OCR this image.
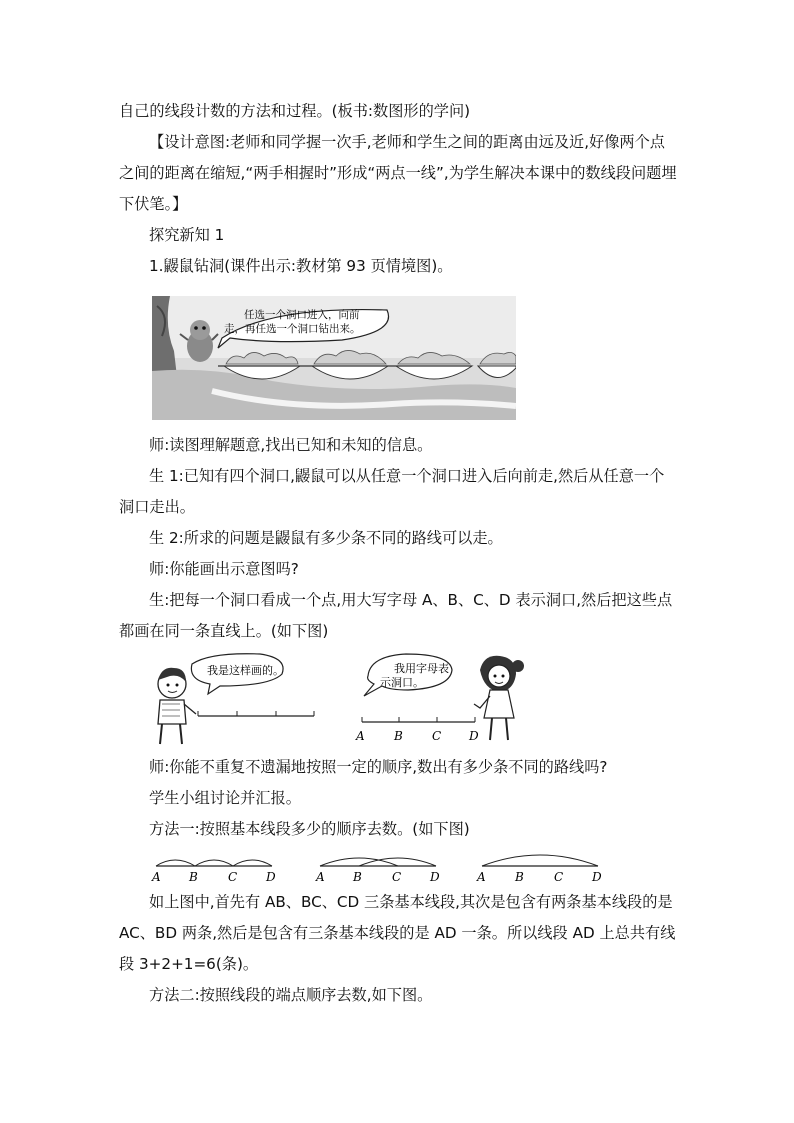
自己的线段计数的方法和过程。(板书:数图形的学问)

【设计意图:老师和同学握一次手,老师和学生之间的距离由远及近,好像两个点之间的距离在缩短,“两手相握时”形成“两点一线”,为学生解决本课中的数线段问题埋下伏笔。】

探究新知 1

1.鼹鼠钻洞(课件出示:教材第 93 页情境图)。

任选一个洞口进入，向前
走，再任选一个洞口钻出来。

师:读图理解题意,找出已知和未知的信息。

生 1:已知有四个洞口,鼹鼠可以从任意一个洞口进入后向前走,然后从任意一个洞口走出。

生 2:所求的问题是鼹鼠有多少条不同的路线可以走。

师:你能画出示意图吗?

生:把每一个洞口看成一个点,用大写字母 A、B、C、D 表示洞口,然后把这些点都画在同一条直线上。(如下图)

我是这样画的。	我用字母表
示洞口。
A B C D

师:你能不重复不遗漏地按照一定的顺序,数出有多少条不同的路线吗?

学生小组讨论并汇报。

方法一:按照基本线段多少的顺序去数。(如下图)

A B	C D	A B	C D	A B	C D

如上图中,首先有 AB、BC、CD 三条基本线段,其次是包含有两条基本线段的是 AC、BD 两条,然后是包含有三条基本线段的是 AD 一条。所以线段 AD 上总共有线段 3+2+1=6(条)。

方法二:按照线段的端点顺序去数,如下图。
